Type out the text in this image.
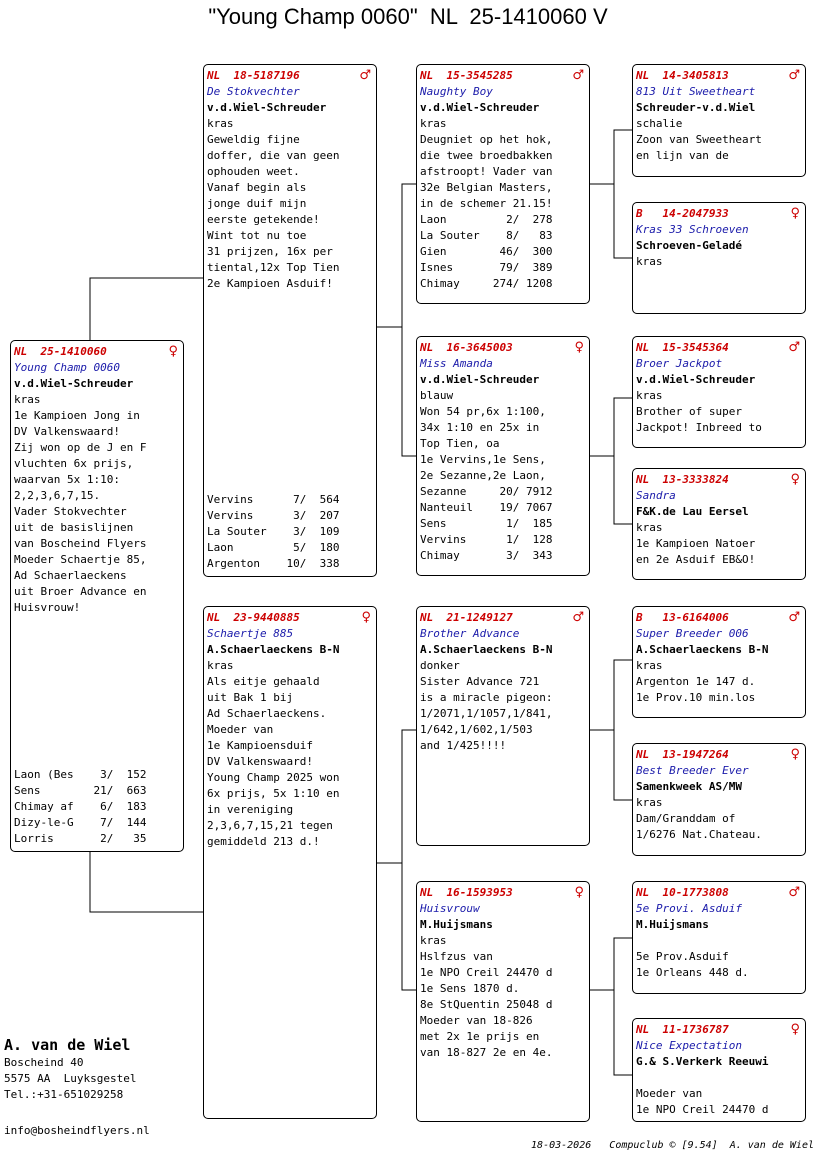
"Young Champ 0060"  NL  25-1410060 V
NL  25-1410060	♀
Young Champ 0060
v.d.Wiel-Schreuder
kras
1e Kampioen Jong in
DV Valkenswaard!
Zij won op de J en F
vluchten 6x prijs,
waarvan 5x 1:10:
2,2,3,6,7,15.
Vader Stokvechter
uit de basislijnen
van Boscheind Flyers
Moeder Schaertje 85,
Ad Schaerlaeckens
uit Broer Advance en
Huisvrouw!
Laon (Bes    3/  152
Sens        21/  663
Chimay af    6/  183
Dizy-le-G    7/  144
Lorris       2/   35
NL  18-5187196	♂
De Stokvechter
v.d.Wiel-Schreuder
kras
Geweldig fijne
doffer, die van geen
ophouden weet.
Vanaf begin als
jonge duif mijn
eerste getekende!
Wint tot nu toe
31 prijzen, 16x per
tiental,12x Top Tien
2e Kampioen Asduif!
Vervins      7/  564
Vervins      3/  207
La Souter    3/  109
Laon         5/  180
Argenton    10/  338
NL  23-9440885	♀
Schaertje 885
A.Schaerlaeckens B-N
kras
Als eitje gehaald
uit Bak 1 bij
Ad Schaerlaeckens.
Moeder van
1e Kampioensduif
DV Valkenswaard!
Young Champ 2025 won
6x prijs, 5x 1:10 en
in vereniging
2,3,6,7,15,21 tegen
gemiddeld 213 d.!
NL  15-3545285	♂
Naughty Boy
v.d.Wiel-Schreuder
kras
Deugniet op het hok,
die twee broedbakken
afstroopt! Vader van
32e Belgian Masters,
in de schemer 21.15!
Laon         2/  278
La Souter    8/   83
Gien        46/  300
Isnes       79/  389
Chimay     274/ 1208
NL  16-3645003	♀
Miss Amanda
v.d.Wiel-Schreuder
blauw
Won 54 pr,6x 1:100,
34x 1:10 en 25x in
Top Tien, oa
1e Vervins,1e Sens,
2e Sezanne,2e Laon,
Sezanne     20/ 7912
Nanteuil    19/ 7067
Sens         1/  185
Vervins      1/  128
Chimay       3/  343
NL  21-1249127	♂
Brother Advance
A.Schaerlaeckens B-N
donker
Sister Advance 721
is a miracle pigeon:
1/2071,1/1057,1/841,
1/642,1/602,1/503
and 1/425!!!!
NL  16-1593953	♀
Huisvrouw
M.Huijsmans
kras
Hslfzus van
1e NPO Creil 24470 d
1e Sens 1870 d.
8e StQuentin 25048 d
Moeder van 18-826
met 2x 1e prijs en
van 18-827 2e en 4e.
NL  14-3405813	♂
813 Uit Sweetheart
Schreuder-v.d.Wiel
schalie
Zoon van Sweetheart
en lijn van de
B   14-2047933	♀
Kras 33 Schroeven
Schroeven-Geladé
kras
NL  15-3545364	♂
Broer Jackpot
v.d.Wiel-Schreuder
kras
Brother of super
Jackpot! Inbreed to
NL  13-3333824	♀
Sandra
F&K.de Lau Eersel
kras
1e Kampioen Natoer
en 2e Asduif EB&O!
B   13-6164006	♂
Super Breeder 006
A.Schaerlaeckens B-N
kras
Argenton 1e 147 d.
1e Prov.10 min.los
NL  13-1947264	♀
Best Breeder Ever
Samenkweek AS/MW
kras
Dam/Granddam of
1/6276 Nat.Chateau.
NL  10-1773808	♂
5e Provi. Asduif
M.Huijsmans
5e Prov.Asduif
1e Orleans 448 d.
NL  11-1736787	♀
Nice Expectation
G.& S.Verkerk Reeuwi
Moeder van
1e NPO Creil 24470 d
A. van de Wiel
Boscheind 40
5575 AA  Luyksgestel
Tel.:+31-651029258
info@bosheindflyers.nl
18-03-2026   Compuclub © [9.54]  A. van de Wiel
